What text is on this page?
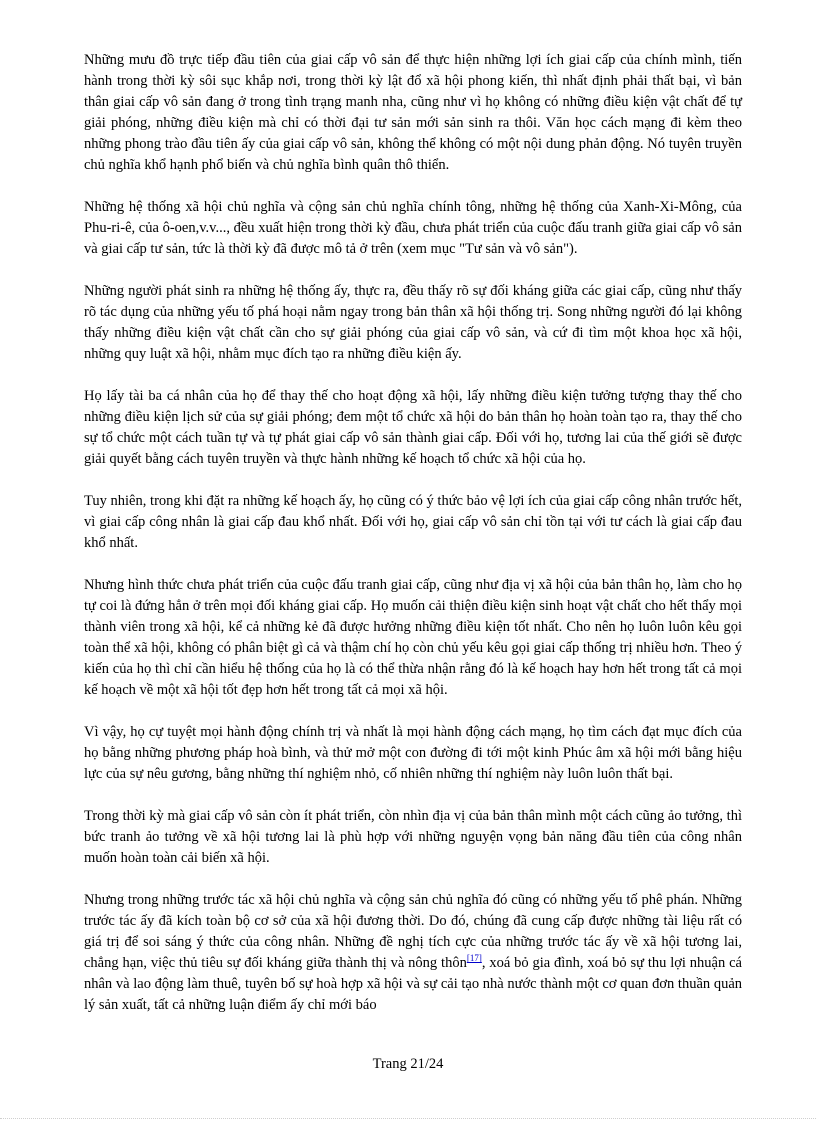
Những mưu đồ trực tiếp đầu tiên của giai cấp vô sản để thực hiện những lợi ích giai cấp của chính mình, tiến hành trong thời kỳ sôi sục khắp nơi, trong thời kỳ lật đổ xã hội phong kiến, thì nhất định phải thất bại, vì bản thân giai cấp vô sản đang ở trong tình trạng manh nha, cũng như vì họ không có những điều kiện vật chất để tự giải phóng, những điều kiện mà chỉ có thời đại tư sản mới sản sinh ra thôi. Văn học cách mạng đi kèm theo những phong trào đầu tiên ấy của giai cấp vô sản, không thể không có một nội dung phản động. Nó tuyên truyền chủ nghĩa khổ hạnh phổ biến và chủ nghĩa bình quân thô thiển.

Những hệ thống xã hội chủ nghĩa và cộng sản chủ nghĩa chính tông, những hệ thống của Xanh-Xi-Mông, của Phu-ri-ê, của ô-oen,v.v..., đều xuất hiện trong thời kỳ đầu, chưa phát triển của cuộc đấu tranh giữa giai cấp vô sản và giai cấp tư sản, tức là thời kỳ đã được mô tả ở trên (xem mục "Tư sản và vô sản").

Những người phát sinh ra những hệ thống ấy, thực ra, đều thấy rõ sự đối kháng giữa các giai cấp, cũng như thấy rõ tác dụng của những yếu tố phá hoại nằm ngay trong bản thân xã hội thống trị. Song những người đó lại không thấy những điều kiện vật chất cần cho sự giải phóng của giai cấp vô sản, và cứ đi tìm một khoa học xã hội, những quy luật xã hội, nhằm mục đích tạo ra những điều kiện ấy.

Họ lấy tài ba cá nhân của họ để thay thế cho hoạt động xã hội, lấy những điều kiện tưởng tượng thay thế cho những điều kiện lịch sử của sự giải phóng; đem một tổ chức xã hội do bản thân họ hoàn toàn tạo ra, thay thế cho sự tổ chức một cách tuần tự và tự phát giai cấp vô sản thành giai cấp. Đối với họ, tương lai của thế giới sẽ được giải quyết bằng cách tuyên truyền và thực hành những kế hoạch tổ chức xã hội của họ.

Tuy nhiên, trong khi đặt ra những kế hoạch ấy, họ cũng có ý thức bảo vệ lợi ích của giai cấp công nhân trước hết, vì giai cấp công nhân là giai cấp đau khổ nhất. Đối với họ, giai cấp vô sản chỉ tồn tại với tư cách là giai cấp đau khổ nhất.

Nhưng hình thức chưa phát triển của cuộc đấu tranh giai cấp, cũng như địa vị xã hội của bản thân họ, làm cho họ tự coi là đứng hẳn ở trên mọi đối kháng giai cấp. Họ muốn cải thiện điều kiện sinh hoạt vật chất cho hết thẩy mọi thành viên trong xã hội, kể cả những kẻ đã được hưởng những điều kiện tốt nhất. Cho nên họ luôn luôn kêu gọi toàn thể xã hội, không có phân biệt gì cả và thậm chí họ còn chủ yếu kêu gọi giai cấp thống trị nhiều hơn. Theo ý kiến của họ thì chỉ cần hiểu hệ thống của họ là có thể thừa nhận rằng đó là kế hoạch hay hơn hết trong tất cả mọi kế hoạch về một xã hội tốt đẹp hơn hết trong tất cả mọi xã hội.

Vì vậy, họ cự tuyệt mọi hành động chính trị và nhất là mọi hành động cách mạng, họ tìm cách đạt mục đích của họ bằng những phương pháp hoà bình, và thử mở một con đường đi tới một kinh Phúc âm xã hội mới bằng hiệu lực của sự nêu gương, bằng những thí nghiệm nhỏ, cố nhiên những thí nghiệm này luôn luôn thất bại.

Trong thời kỳ mà giai cấp vô sản còn ít phát triển, còn nhìn địa vị của bản thân mình một cách cũng ảo tưởng, thì bức tranh ảo tưởng về xã hội tương lai là phù hợp với những nguyện vọng bản năng đầu tiên của công nhân muốn hoàn toàn cải biến xã hội.

Nhưng trong những trước tác xã hội chủ nghĩa và cộng sản chủ nghĩa đó cũng có những yếu tố phê phán. Những trước tác ấy đã kích toàn bộ cơ sở của xã hội đương thời. Do đó, chúng đã cung cấp được những tài liệu rất có giá trị để soi sáng ý thức của công nhân. Những đề nghị tích cực của những trước tác ấy về xã hội tương lai, chẳng hạn, việc thủ tiêu sự đối kháng giữa thành thị và nông thôn[17], xoá bỏ gia đình, xoá bỏ sự thu lợi nhuận cá nhân và lao động làm thuê, tuyên bố sự hoà hợp xã hội và sự cải tạo nhà nước thành một cơ quan đơn thuần quản lý sản xuất, tất cả những luận điểm ấy chỉ mới báo

Trang 21/24
